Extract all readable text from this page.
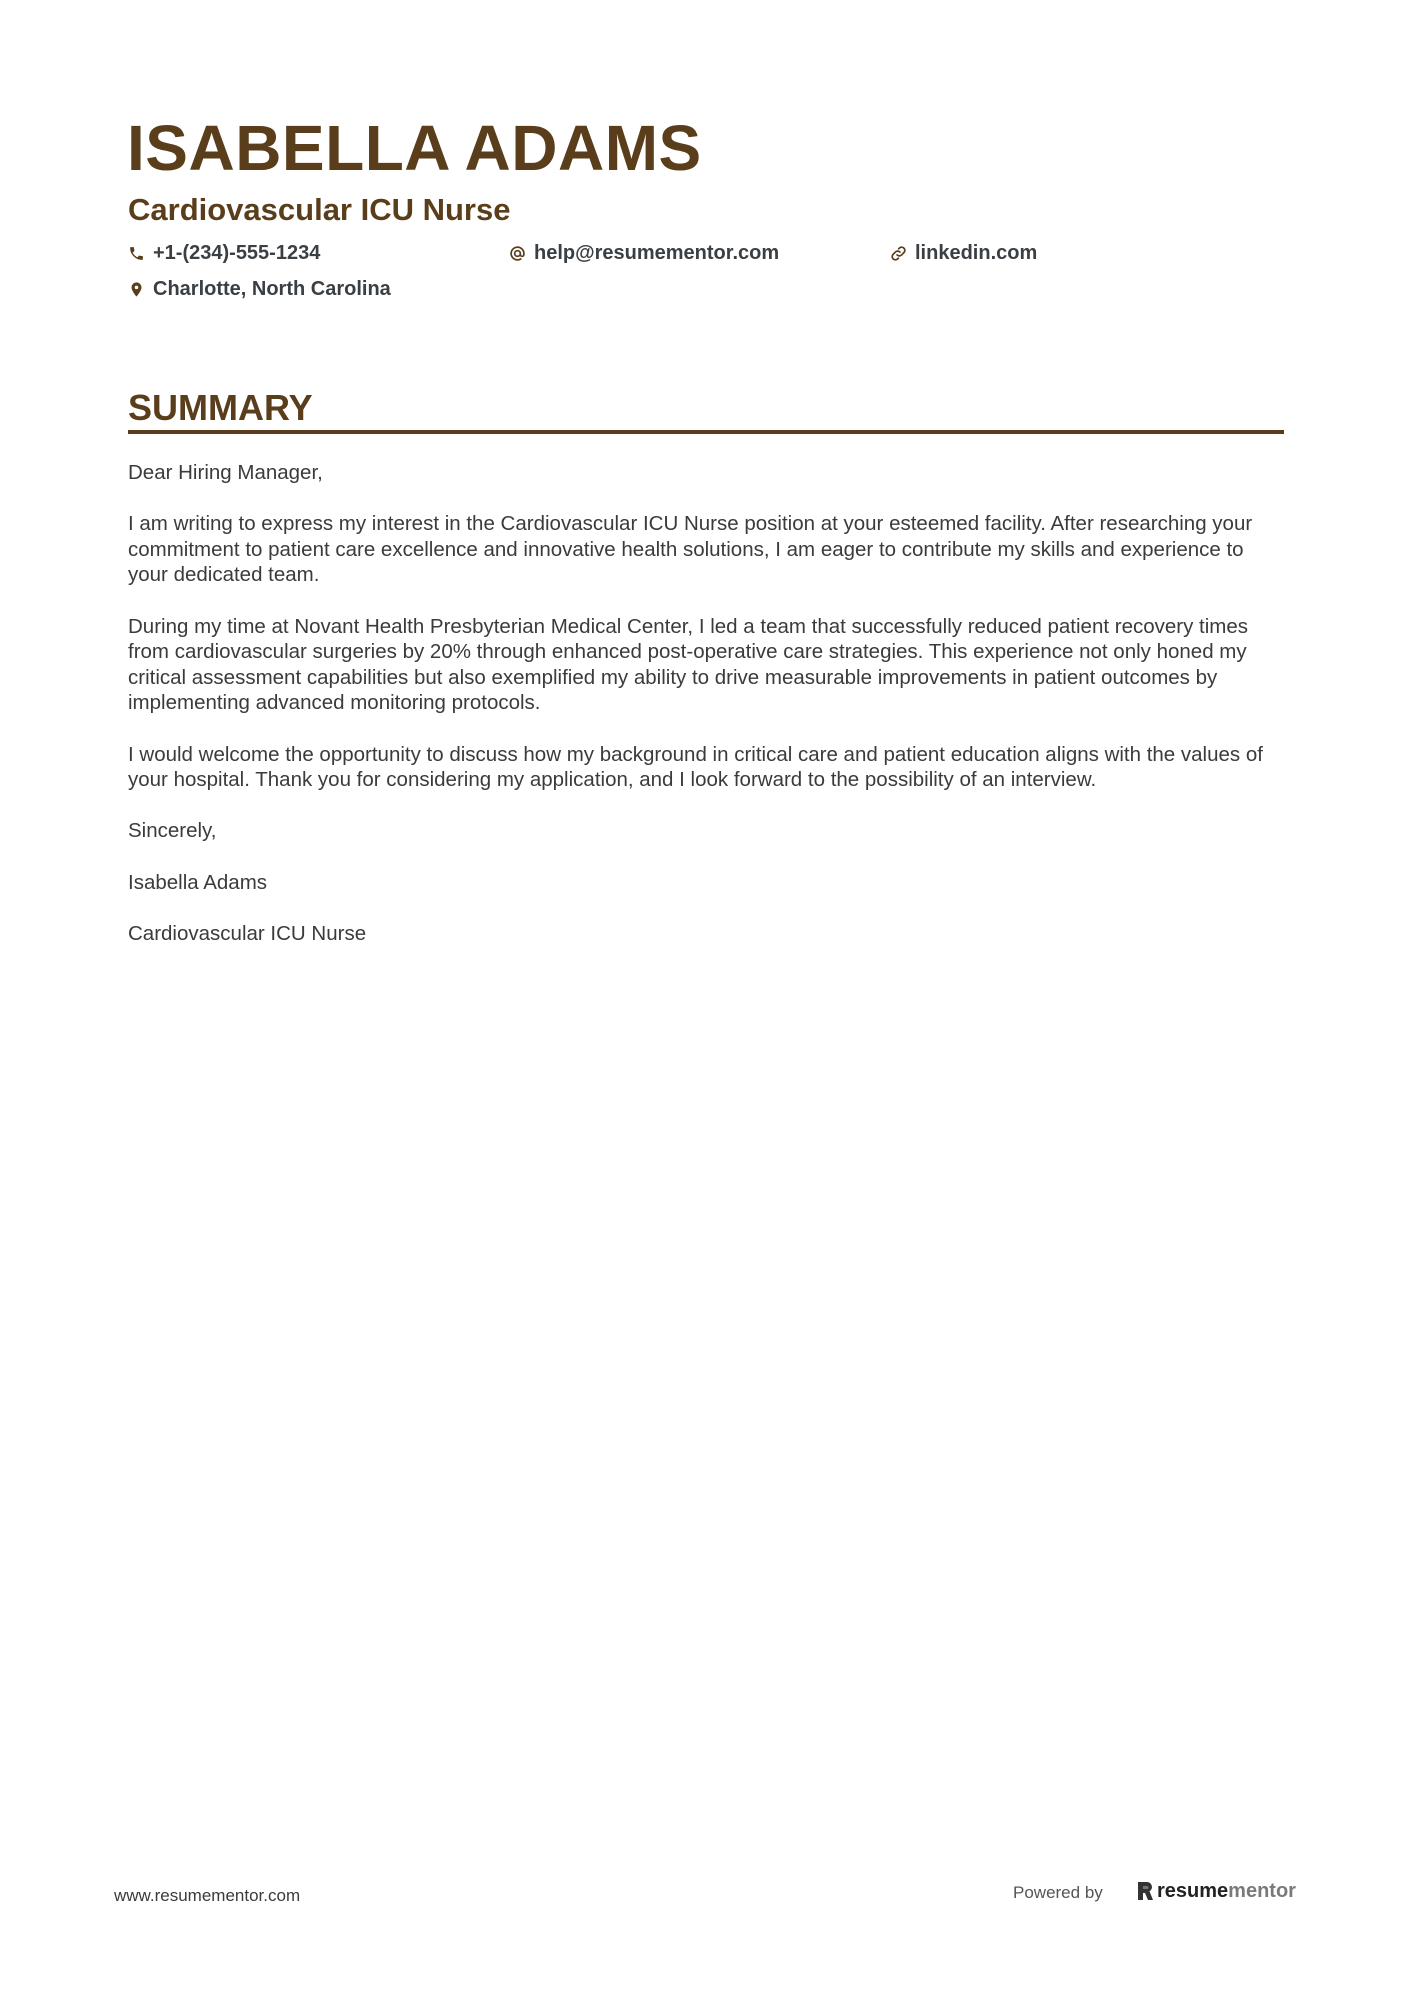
ISABELLA ADAMS
Cardiovascular ICU Nurse
+1-(234)-555-1234	help@resumementor.com	linkedin.com
Charlotte, North Carolina
SUMMARY

Dear Hiring Manager,

I am writing to express my interest in the Cardiovascular ICU Nurse position at your esteemed facility. After researching your commitment to patient care excellence and innovative health solutions, I am eager to contribute my skills and experience to your dedicated team.

During my time at Novant Health Presbyterian Medical Center, I led a team that successfully reduced patient recovery times from cardiovascular surgeries by 20% through enhanced post-operative care strategies. This experience not only honed my critical assessment capabilities but also exemplified my ability to drive measurable improvements in patient outcomes by implementing advanced monitoring protocols.

I would welcome the opportunity to discuss how my background in critical care and patient education aligns with the values of your hospital. Thank you for considering my application, and I look forward to the possibility of an interview.

Sincerely,

Isabella Adams

Cardiovascular ICU Nurse

www.resumementor.com	Powered by	resume mentor
